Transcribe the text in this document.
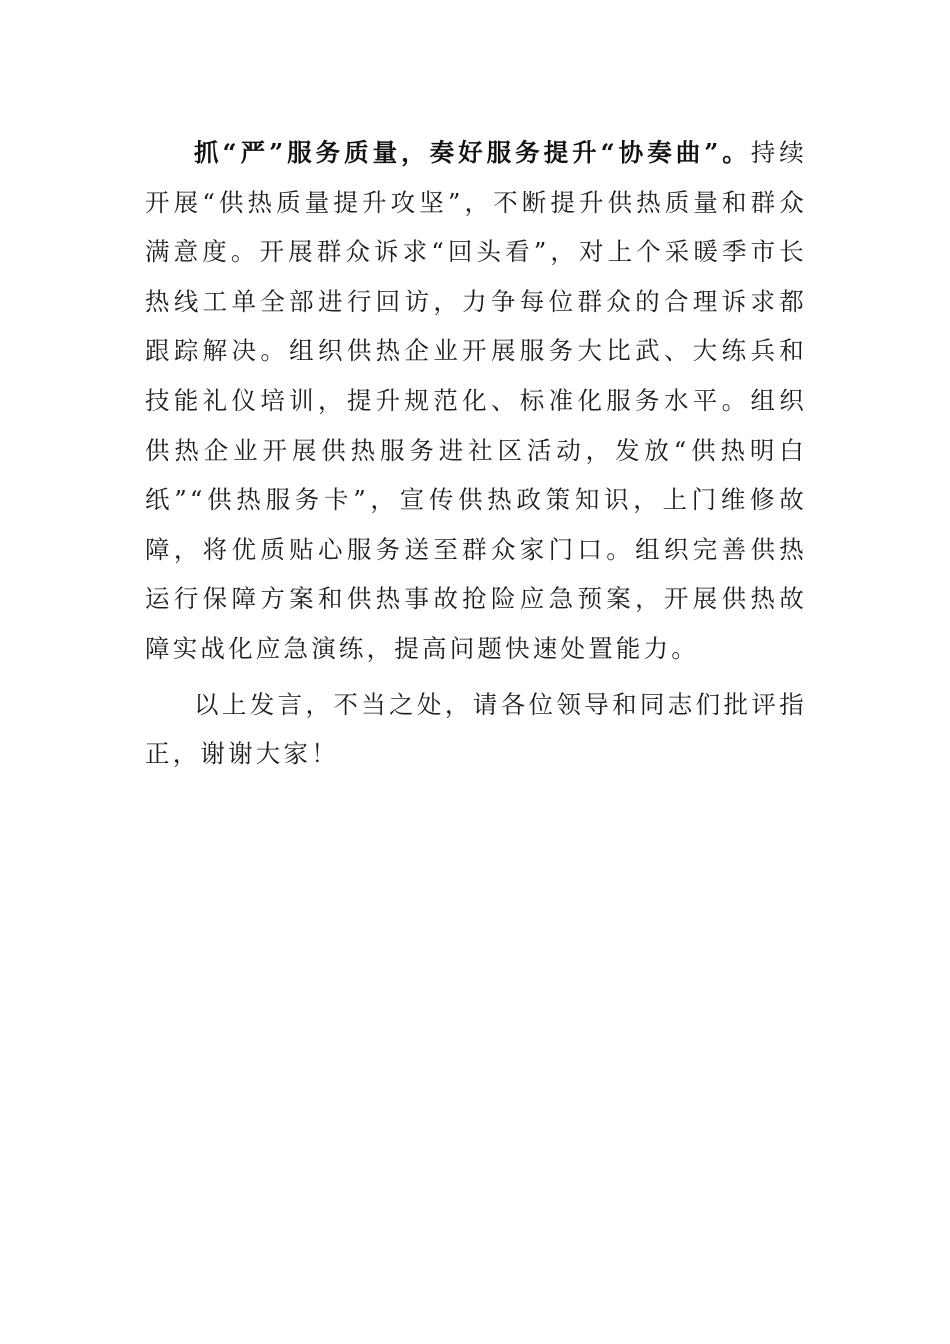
抓“严”服务质量，奏好服务提升“协奏曲”。持续开展“供热质量提升攻坚”，不断提升供热质量和群众满意度。开展群众诉求“回头看”，对上个采暖季市长热线工单全部进行回访，力争每位群众的合理诉求都跟踪解决。组织供热企业开展服务大比武、大练兵和技能礼仪培训，提升规范化、标准化服务水平。组织供热企业开展供热服务进社区活动，发放“供热明白纸”“供热服务卡”，宣传供热政策知识，上门维修故障，将优质贴心服务送至群众家门口。组织完善供热运行保障方案和供热事故抢险应急预案，开展供热故障实战化应急演练，提高问题快速处置能力。

以上发言，不当之处，请各位领导和同志们批评指正，谢谢大家！
